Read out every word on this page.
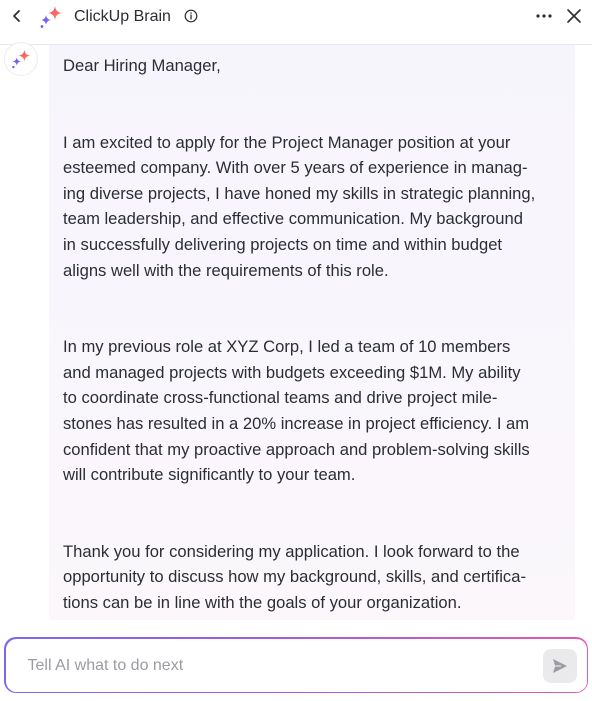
ClickUp Brain

Dear Hiring Manager,

I am excited to apply for the Project Manager position at your
esteemed company. With over 5 years of experience in manag-
ing diverse projects, I have honed my skills in strategic planning,
team leadership, and effective communication. My background
in successfully delivering projects on time and within budget
aligns well with the requirements of this role.

In my previous role at XYZ Corp, I led a team of 10 members
and managed projects with budgets exceeding $1M. My ability
to coordinate cross-functional teams and drive project mile-
stones has resulted in a 20% increase in project efficiency. I am
confident that my proactive approach and problem-solving skills
will contribute significantly to your team.

Thank you for considering my application. I look forward to the
opportunity to discuss how my background, skills, and certifica-
tions can be in line with the goals of your organization.

Tell AI what to do next
